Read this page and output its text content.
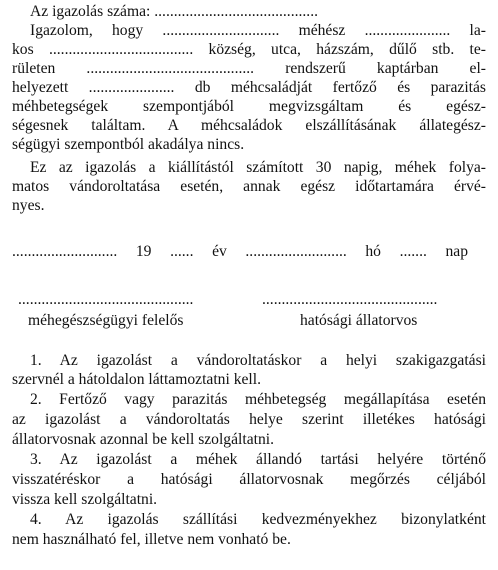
Az igazolás száma: ..........................................
Igazolom, hogy .............................. méhész ...................... la-
kos ..................................... község, utca, házszám, dűlő stb. te-
rületen ........................................... rendszerű kaptárban el-
helyezett ...................... db méhcsaládját fertőző és parazitás
méhbetegségek szempontjából megvizsgáltam és egész-
ségesnek találtam. A méhcsaládok elszállításának állategész-
ségügyi szempontból akadálya nincs.
Ez az igazolás a kiállítástól számított 30 napig, méhek folya-
matos vándoroltatása esetén, annak egész időtartamára érvé-
nyes.
........................... 19 ...... év .......................... hó ....... nap
.............................................	.............................................
méhegészségügyi felelős	hatósági állatorvos
1. Az igazolást a vándoroltatáskor a helyi szakigazgatási
szervnél a hátoldalon láttamoztatni kell.
2. Fertőző vagy parazitás méhbetegség megállapítása esetén
az igazolást a vándoroltatás helye szerint illetékes hatósági
állatorvosnak azonnal be kell szolgáltatni.
3. Az igazolást a méhek állandó tartási helyére történő
visszatéréskor a hatósági állatorvosnak megőrzés céljából
vissza kell szolgáltatni.
4. Az igazolás szállítási kedvezményekhez bizonylatként
nem használható fel, illetve nem vonható be.
